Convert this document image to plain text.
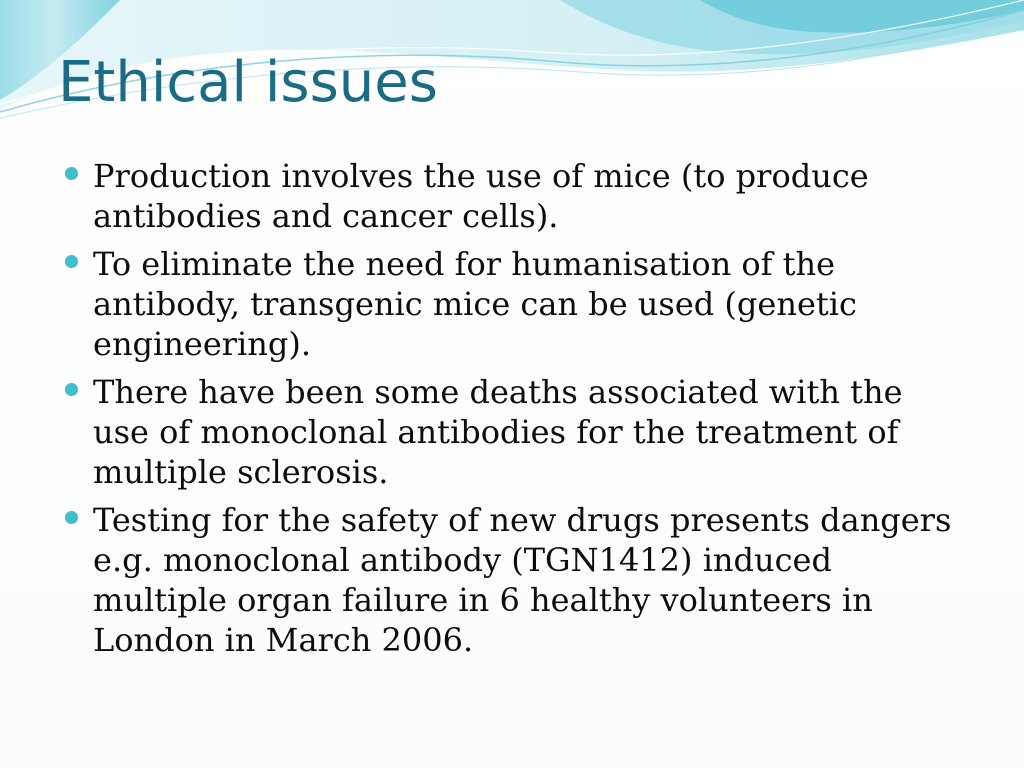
Ethical issues
Production involves the use of mice (to produce antibodies and cancer cells).
To eliminate the need for humanisation of the antibody, transgenic mice can be used (genetic engineering).
There have been some deaths associated with the use of monoclonal antibodies for the treatment of multiple sclerosis.
Testing for the safety of new drugs presents dangers e.g. monoclonal antibody (TGN1412) induced multiple organ failure in 6 healthy volunteers in London in March 2006.
